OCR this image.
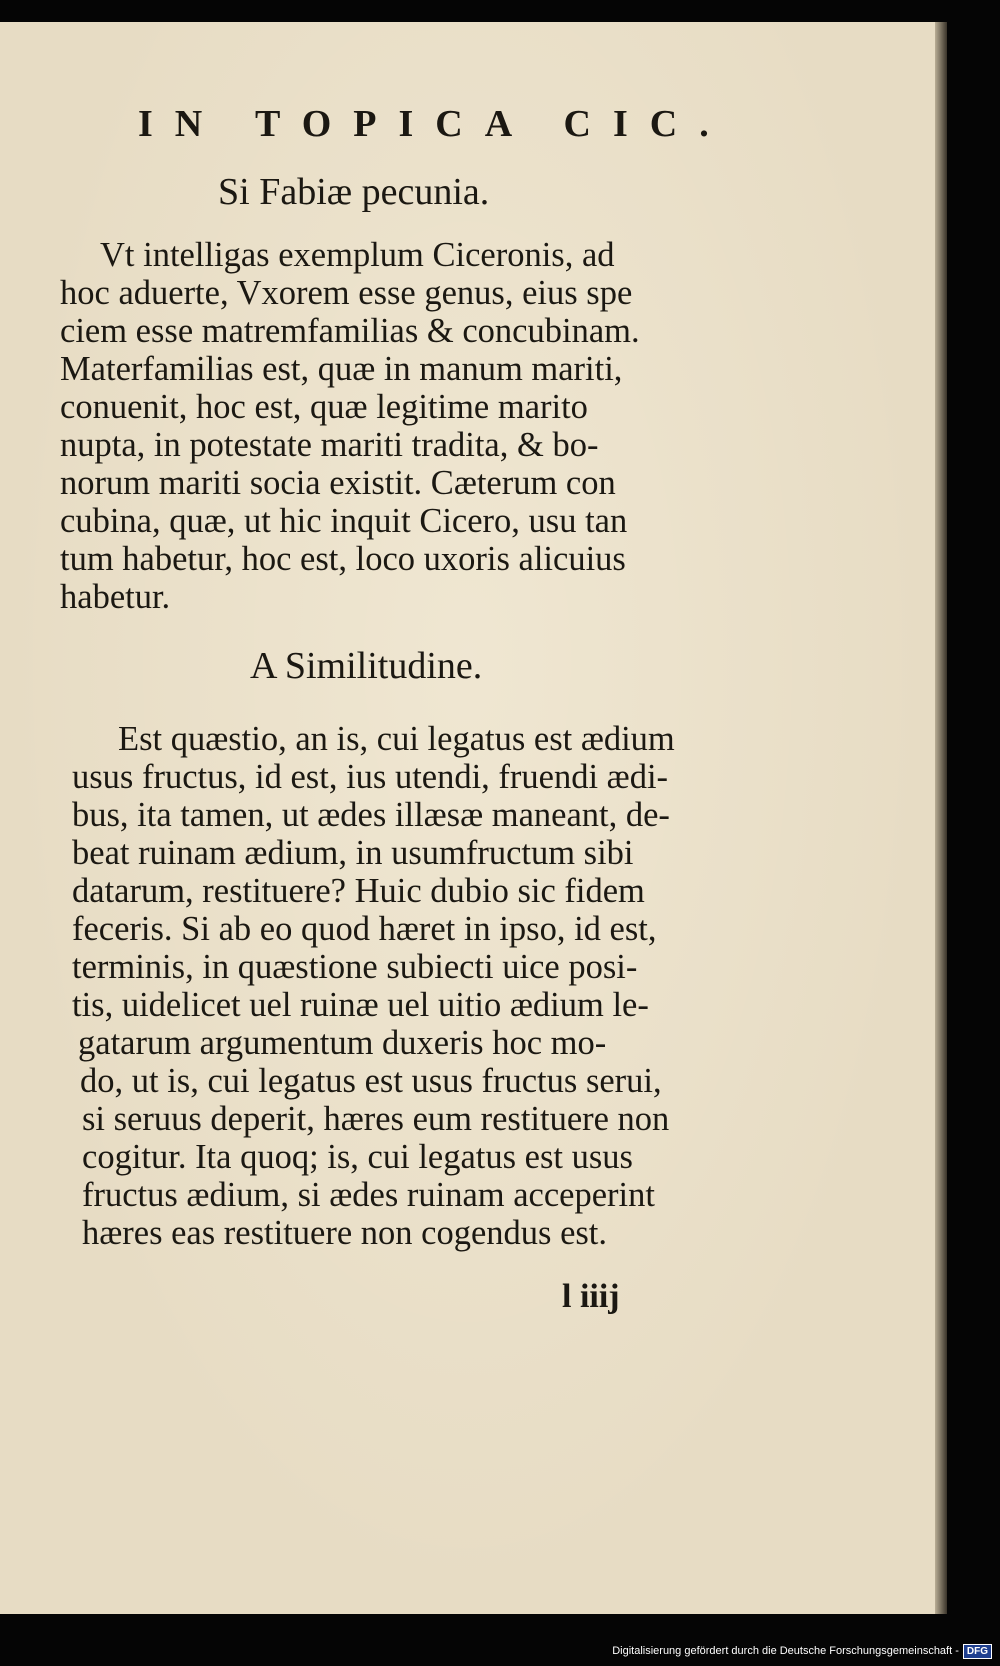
IN TOPICA CIC.
Si Fabiæ pecunia.
Vt intelligas exemplum Ciceronis, ad
hoc aduerte, Vxorem esse genus, eius spe
ciem esse matremfamilias & concubinam.
Materfamilias est, quæ in manum mariti,
conuenit, hoc est, quæ legitime marito
nupta, in potestate mariti tradita, & bo-
norum mariti socia existit. Cæterum con
cubina, quæ, ut hic inquit Cicero, usu tan
tum habetur, hoc est, loco uxoris alicuius
habetur.
A Similitudine.
Est quæstio, an is, cui legatus est ædium
usus fructus, id est, ius utendi, fruendi ædi-
bus, ita tamen, ut ædes illæsæ maneant, de-
beat ruinam ædium, in usumfructum sibi
datarum, restituere? Huic dubio sic fidem
feceris. Si ab eo quod hæret in ipso, id est,
terminis, in quæstione subiecti uice posi-
tis, uidelicet uel ruinæ uel uitio ædium le-
gatarum argumentum duxeris hoc mo-
do, ut is, cui legatus est usus fructus serui,
si seruus deperit, hæres eum restituere non
cogitur. Ita quoq; is, cui legatus est usus
fructus ædium, si ædes ruinam acceperint
hæres eas restituere non cogendus est.
l iiij
Digitalisierung gefördert durch die Deutsche Forschungsgemeinschaft - DFG
